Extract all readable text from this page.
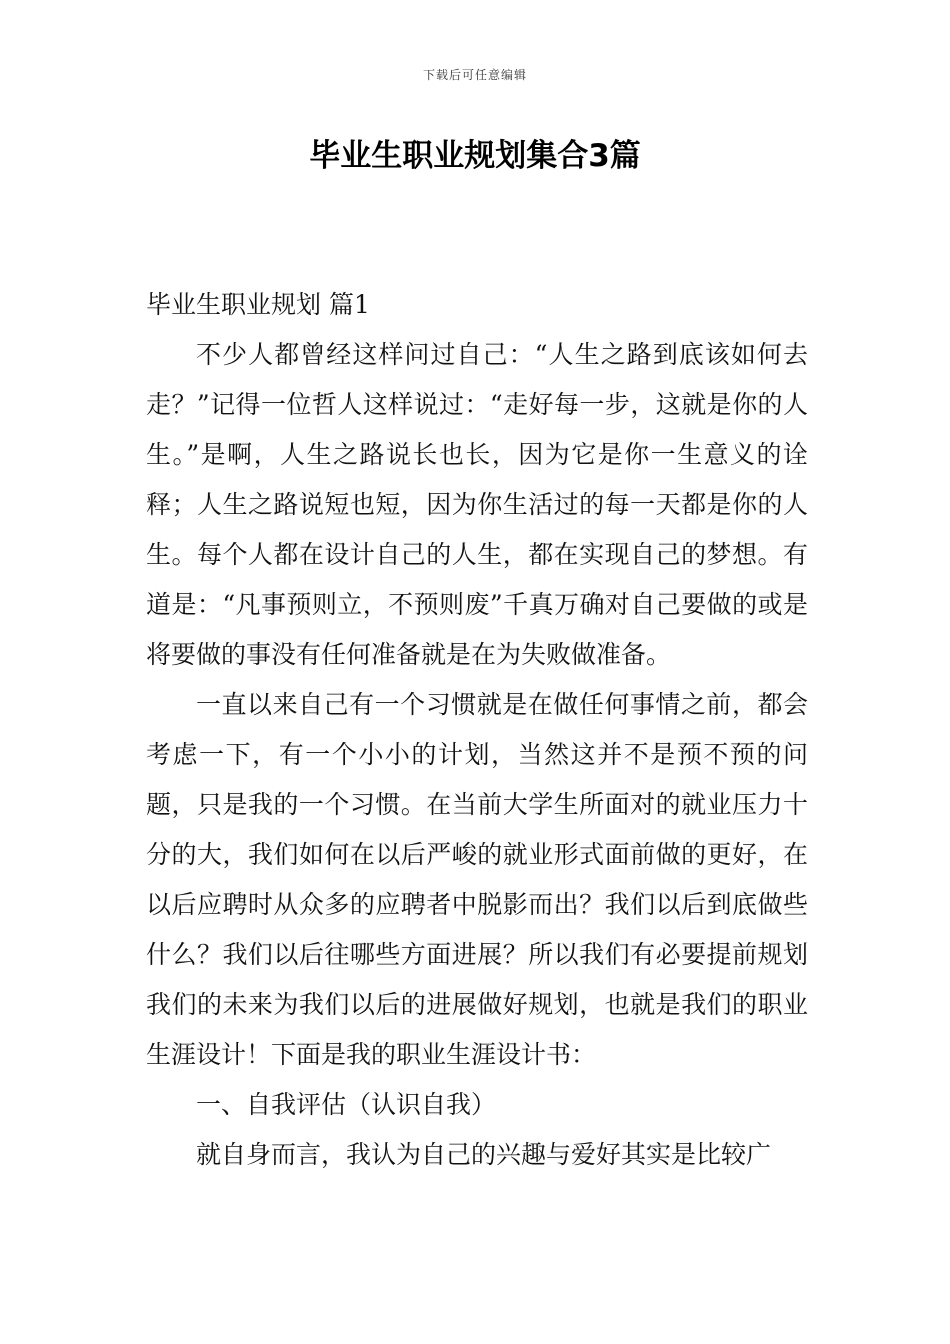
下载后可任意编辑
毕业生职业规划集合3篇
毕业生职业规划 篇1

不少人都曾经这样问过自己：“人生之路到底该如何去走？”记得一位哲人这样说过：“走好每一步，这就是你的人生。”是啊，人生之路说长也长，因为它是你一生意义的诠释；人生之路说短也短，因为你生活过的每一天都是你的人生。每个人都在设计自己的人生，都在实现自己的梦想。有道是：“凡事预则立，不预则废”千真万确对自己要做的或是将要做的事没有任何准备就是在为失败做准备。

一直以来自己有一个习惯就是在做任何事情之前，都会考虑一下，有一个小小的计划，当然这并不是预不预的问题，只是我的一个习惯。在当前大学生所面对的就业压力十分的大，我们如何在以后严峻的就业形式面前做的更好，在以后应聘时从众多的应聘者中脱影而出？我们以后到底做些什么？我们以后往哪些方面进展？所以我们有必要提前规划我们的未来为我们以后的进展做好规划，也就是我们的职业生涯设计！下面是我的职业生涯设计书：

一、自我评估（认识自我）

就自身而言，我认为自己的兴趣与爱好其实是比较广
